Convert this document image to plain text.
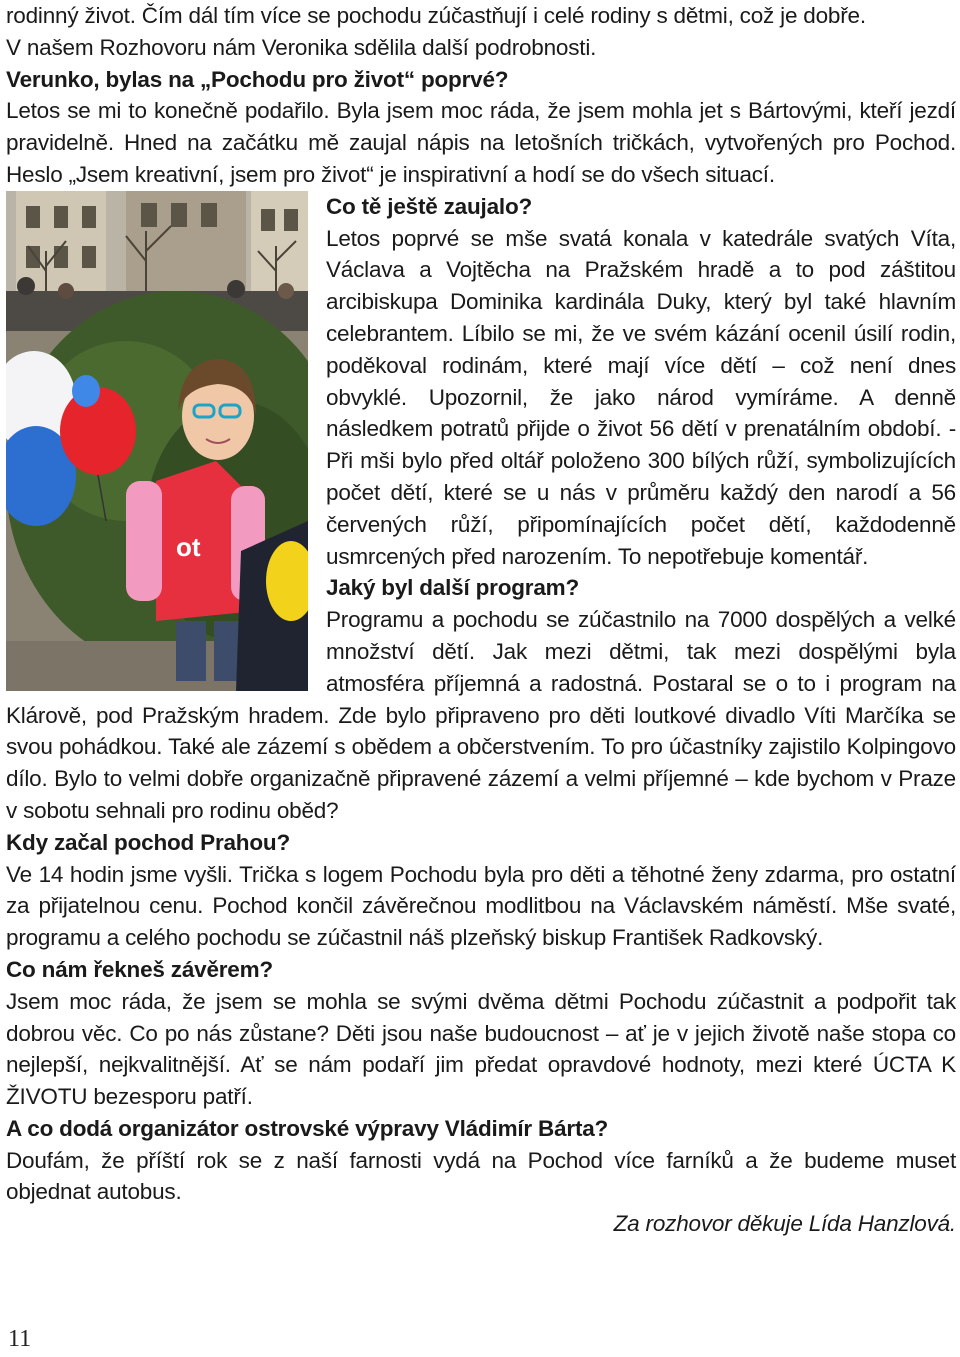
rodinný život. Čím dál tím více se pochodu zúčastňují i celé rodiny s dětmi, což je dobře.

V našem Rozhovoru nám Veronika sdělila další podrobnosti.

Verunko, bylas na „Pochodu pro život“ poprvé?

Letos se mi to konečně podařilo. Byla jsem moc ráda, že jsem mohla jet s Bártovými, kteří jezdí pravidelně. Hned na začátku mě zaujal nápis na letošních tričkách, vytvořených pro Pochod. Heslo „Jsem kreativní, jsem pro život“ je inspirativní a hodí se do všech situací.

ot

Co tě ještě zaujalo?

Letos poprvé se mše svatá konala v katedrále svatých Víta, Václava a Vojtěcha na Pražském hradě a to pod záštitou arcibiskupa Dominika kardinála Duky, který byl také hlavním celebrantem. Líbilo se mi, že ve svém kázání ocenil úsilí rodin, poděkoval rodinám, které mají více dětí – což není dnes obvyklé. Upozornil, že jako národ vymíráme. A denně následkem potratů přijde o život 56 dětí v prenatálním období. - Při mši bylo před oltář položeno 300 bílých růží, symbolizujících počet dětí, které se u nás v průměru každý den narodí a 56 červených růží, připomínajících počet dětí, každodenně usmrcených před narozením. To nepotřebuje komentář.

Jaký byl další program?

Programu a pochodu se zúčastnilo na 7000 dospělých a velké množství dětí. Jak mezi dětmi, tak mezi dospělými byla atmosféra příjemná a radostná. Postaral se o to i program na Klárově, pod Pražským hradem. Zde bylo připraveno pro děti loutkové divadlo Víti Marčíka se svou pohádkou. Také ale zázemí s obědem a občerstvením. To pro účastníky zajistilo Kolpingovo dílo. Bylo to velmi dobře organizačně připravené zázemí a velmi příjemné – kde bychom v Praze v sobotu sehnali pro rodinu oběd?

Kdy začal pochod Prahou?

Ve 14 hodin jsme vyšli. Trička s logem Pochodu byla pro děti a těhotné ženy zdarma, pro ostatní za přijatelnou cenu. Pochod končil závěrečnou modlitbou na Václavském náměstí. Mše svaté, programu a celého pochodu se zúčastnil náš plzeňský biskup František Radkovský.

Co nám řekneš závěrem?

Jsem moc ráda, že jsem se mohla se svými dvěma dětmi Pochodu zúčastnit a podpořit tak dobrou věc. Co po nás zůstane? Děti jsou naše budoucnost – ať je v jejich životě naše stopa co nejlepší, nejkvalitnější. Ať se nám podaří jim předat opravdové hodnoty, mezi které ÚCTA K ŽIVOTU bezesporu patří.

A co dodá organizátor ostrovské výpravy Vládimír Bárta?

Doufám, že příští rok se z naší farnosti vydá na Pochod více farníků a že budeme muset objednat autobus.

Za rozhovor děkuje Lída Hanzlová.

11
